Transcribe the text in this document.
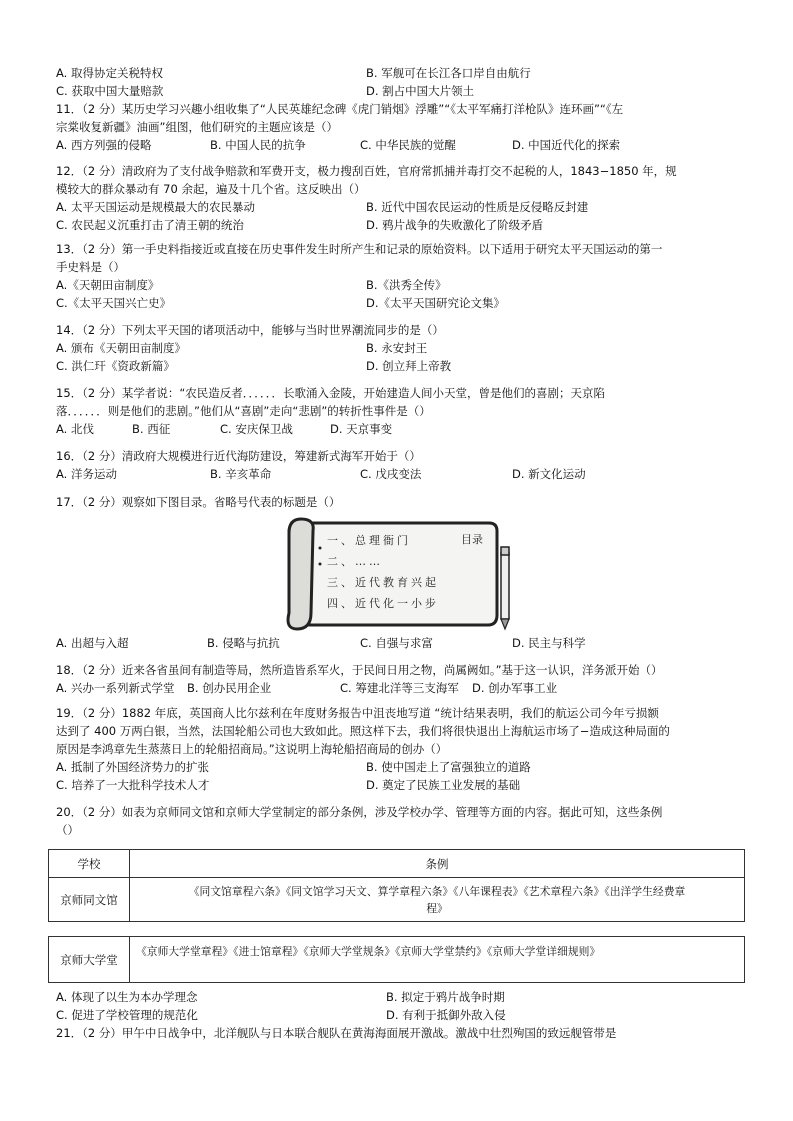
A. 取得协定关税特权	B. 军舰可在长江各口岸自由航行
C. 获取中国大量赔款	D. 割占中国大片领土
11．（2 分）某历史学习兴趣小组收集了“人民英雄纪念碑《虎门销烟》浮雕”“《太平军痛打洋枪队》连环画”“《左
宗棠收复新疆》油画”组图，他们研究的主题应该是（）
A. 西方列强的侵略	B. 中国人民的抗争	C. 中华民族的觉醒	D. 中国近代化的探索
12．（2 分）清政府为了支付战争赔款和军费开支，极力搜刮百姓，官府常抓捕并毒打交不起税的人，1843−1850 年，规
模较大的群众暴动有 70 余起，遍及十几个省。这反映出（）
A. 太平天国运动是规模最大的农民暴动	B. 近代中国农民运动的性质是反侵略反封建
C. 农民起义沉重打击了清王朝的统治	D. 鸦片战争的失败激化了阶级矛盾
13．（2 分）第一手史料指接近或直接在历史事件发生时所产生和记录的原始资料。以下适用于研究太平天国运动的第一
手史料是（）
A.《天朝田亩制度》	B.《洪秀全传》
C.《太平天国兴亡史》	D.《太平天国研究论文集》
14．（2 分）下列太平天国的诸项活动中，能够与当时世界潮流同步的是（）
A. 颁布《天朝田亩制度》	B. 永安封王
C. 洪仁玕《资政新篇》	D. 创立拜上帝教
15．（2 分）某学者说：“农民造反者．．．．．．长歌涌入金陵，开始建造人间小天堂，曾是他们的喜剧；天京陷
落．．．．．．则是他们的悲剧。”他们从“喜剧”走向“悲剧”的转折性事件是（）
A. 北伐	B. 西征	C. 安庆保卫战	D. 天京事变
16．（2 分）清政府大规模进行近代海防建设，筹建新式海军开始于（）
A. 洋务运动	B. 辛亥革命	C. 戊戌变法	D. 新文化运动
17．（2 分）观察如下图目录。省略号代表的标题是（）
目录
一、总理衙门
二、……
三、近代教育兴起
四、近代化一小步
A. 出超与入超	B. 侵略与抗抗	C. 自强与求富	D. 民主与科学
18．（2 分）近来各省虽间有制造等局，然所造皆系军火，于民间日用之物，尚属阙如。”基于这一认识，洋务派开始（）
A. 兴办一系列新式学堂 B. 创办民用企业	C. 筹建北洋等三支海军 D. 创办军事工业
19．（2 分）1882 年底，英国商人比尔兹利在年度财务报告中沮丧地写道 “统计结果表明，我们的航运公司今年亏损额
达到了 400 万两白银，当然，法国轮船公司也大致如此。照这样下去，我们将很快退出上海航运市场了−造成这种局面的
原因是李鸿章先生蒸蒸日上的轮船招商局。”这说明上海轮船招商局的创办（）
A. 抵制了外国经济势力的扩张	B. 使中国走上了富强独立的道路
C. 培养了一大批科学技术人才	D. 奠定了民族工业发展的基础
20．（2 分）如表为京师同文馆和京师大学堂制定的部分条例，涉及学校办学、管理等方面的内容。据此可知，这些条例
（）
学校	条例
京师同文馆	《同文馆章程六条》《同文馆学习天文、算学章程六条》《八年课程表》《艺术章程六条》《出洋学生经费章
程》
京师大学堂	《京师大学堂章程》《进士馆章程》《京师大学堂规条》《京师大学堂禁约》《京师大学堂详细规则》
A. 体现了以生为本办学理念	B. 拟定于鸦片战争时期
C. 促进了学校管理的规范化	D. 有利于抵御外敌入侵
21．（2 分）甲午中日战争中，北洋舰队与日本联合舰队在黄海海面展开激战。激战中壮烈殉国的致远舰管带是
